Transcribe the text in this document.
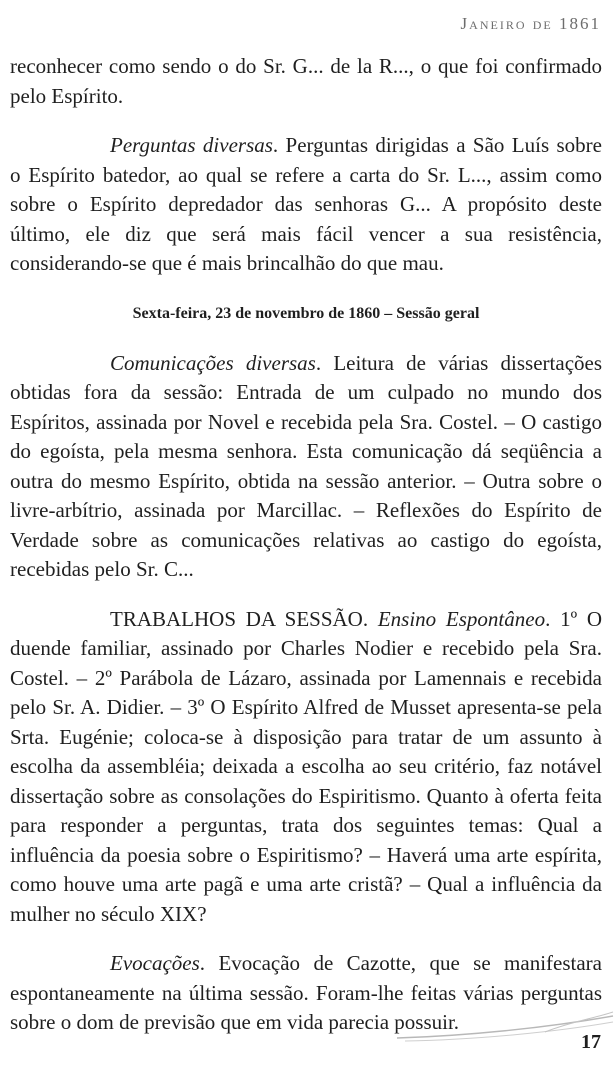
Janeiro de 1861

reconhecer como sendo o do Sr. G... de la R..., o que foi confirmado pelo Espírito.

Perguntas diversas. Perguntas dirigidas a São Luís sobre o Espírito batedor, ao qual se refere a carta do Sr. L..., assim como sobre o Espírito depredador das senhoras G... A propósito deste último, ele diz que será mais fácil vencer a sua resistência, considerando-se que é mais brincalhão do que mau.

Sexta-feira, 23 de novembro de 1860 – Sessão geral

Comunicações diversas. Leitura de várias dissertações obtidas fora da sessão: Entrada de um culpado no mundo dos Espíritos, assinada por Novel e recebida pela Sra. Costel. – O castigo do egoísta, pela mesma senhora. Esta comunicação dá seqüência a outra do mesmo Espírito, obtida na sessão anterior. – Outra sobre o livre-arbítrio, assinada por Marcillac. – Reflexões do Espírito de Verdade sobre as comunicações relativas ao castigo do egoísta, recebidas pelo Sr. C...

TRABALHOS DA SESSÃO. Ensino Espontâneo. 1º O duende familiar, assinado por Charles Nodier e recebido pela Sra. Costel. – 2º Parábola de Lázaro, assinada por Lamennais e recebida pelo Sr. A. Didier. – 3º O Espírito Alfred de Musset apresenta-se pela Srta. Eugénie; coloca-se à disposição para tratar de um assunto à escolha da assembléia; deixada a escolha ao seu critério, faz notável dissertação sobre as consolações do Espiritismo. Quanto à oferta feita para responder a perguntas, trata dos seguintes temas: Qual a influência da poesia sobre o Espiritismo? – Haverá uma arte espírita, como houve uma arte pagã e uma arte cristã? – Qual a influência da mulher no século XIX?

Evocações. Evocação de Cazotte, que se manifestara espontaneamente na última sessão. Foram-lhe feitas várias perguntas sobre o dom de previsão que em vida parecia possuir.

17
